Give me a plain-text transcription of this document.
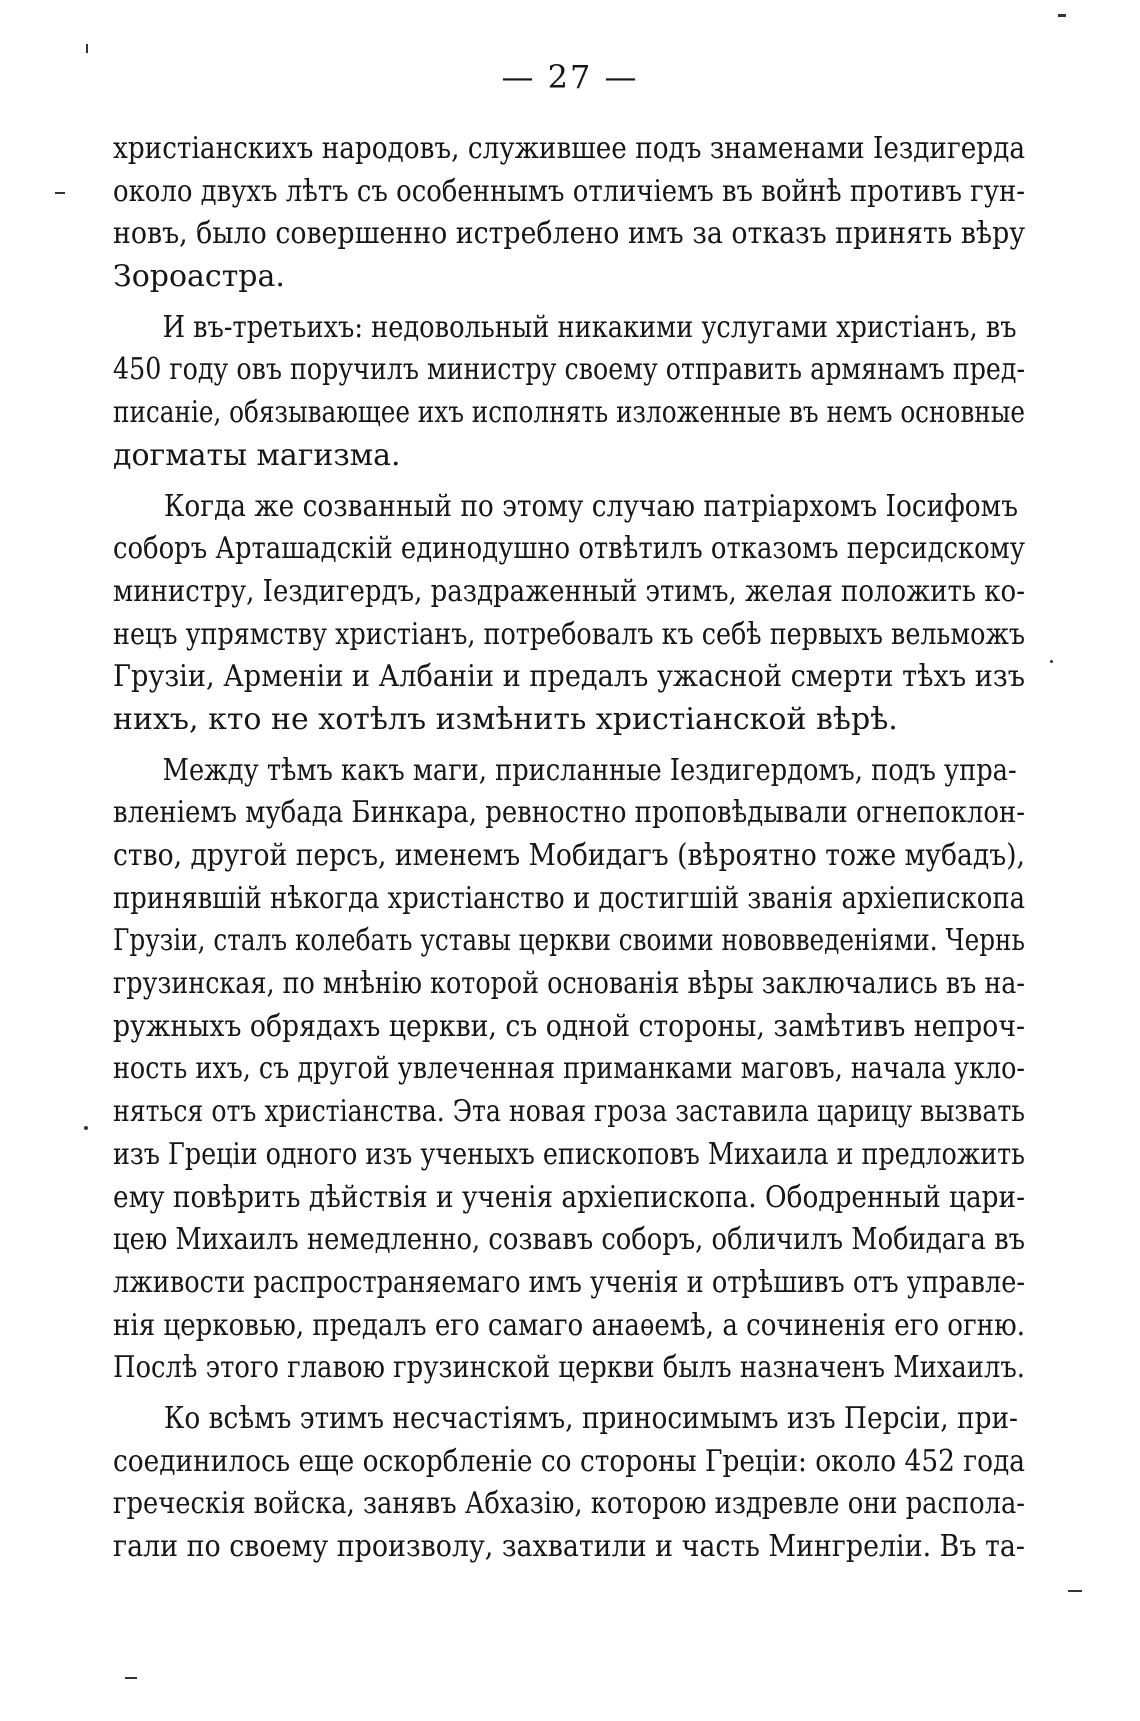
— 27 —
христіанскихъ народовъ, служившее подъ знаменами Іездигерда
около двухъ лѣтъ съ особеннымъ отличіемъ въ войнѣ противъ гун-
новъ, было совершенно истреблено имъ за отказъ принять вѣру
Зороастра.
И въ-третьихъ: недовольный никакими услугами христіанъ, въ
450 году овъ поручилъ министру своему отправить армянамъ пред-
писаніе, обязывающее ихъ исполнять изложенные въ немъ основные
догматы магизма.
Когда же созванный по этому случаю патріархомъ Іосифомъ
соборъ Арташадскій единодушно отвѣтилъ отказомъ персидскому
министру, Іездигердъ, раздраженный этимъ, желая положить ко-
нецъ упрямству христіанъ, потребовалъ къ себѣ первыхъ вельможъ
Грузіи, Арменіи и Албаніи и предалъ ужасной смерти тѣхъ изъ
нихъ, кто не хотѣлъ измѣнить христіанской вѣрѣ.
Между тѣмъ какъ маги, присланные Іездигердомъ, подъ упра-
вленіемъ мубада Бинкара, ревностно проповѣдывали огнепоклон-
ство, другой персъ, именемъ Мобидагъ (вѣроятно тоже мубадъ),
принявшій нѣкогда христіанство и достигшій званія архіепископа
Грузіи, сталъ колебать уставы церкви своими нововведеніями. Чернь
грузинская, по мнѣнію которой основанія вѣры заключались въ на-
ружныхъ обрядахъ церкви, съ одной стороны, замѣтивъ непроч-
ность ихъ, съ другой увлеченная приманками маговъ, начала укло-
няться отъ христіанства. Эта новая гроза заставила царицу вызвать
изъ Греціи одного изъ ученыхъ епископовъ Михаила и предложить
ему повѣрить дѣйствія и ученія архіепископа. Ободренный цари-
цею Михаилъ немедленно, созвавъ соборъ, обличилъ Мобидага въ
лживости распространяемаго имъ ученія и отрѣшивъ отъ управле-
нія церковью, предалъ его самаго анаѳемѣ, а сочиненія его огню.
Послѣ этого главою грузинской церкви былъ назначенъ Михаилъ.
Ко всѣмъ этимъ несчастіямъ, приносимымъ изъ Персіи, при-
соединилось еще оскорбленіе со стороны Греціи: около 452 года
греческія войска, занявъ Абхазію, которою издревле они распола-
гали по своему произволу, захватили и часть Мингреліи. Въ та-
